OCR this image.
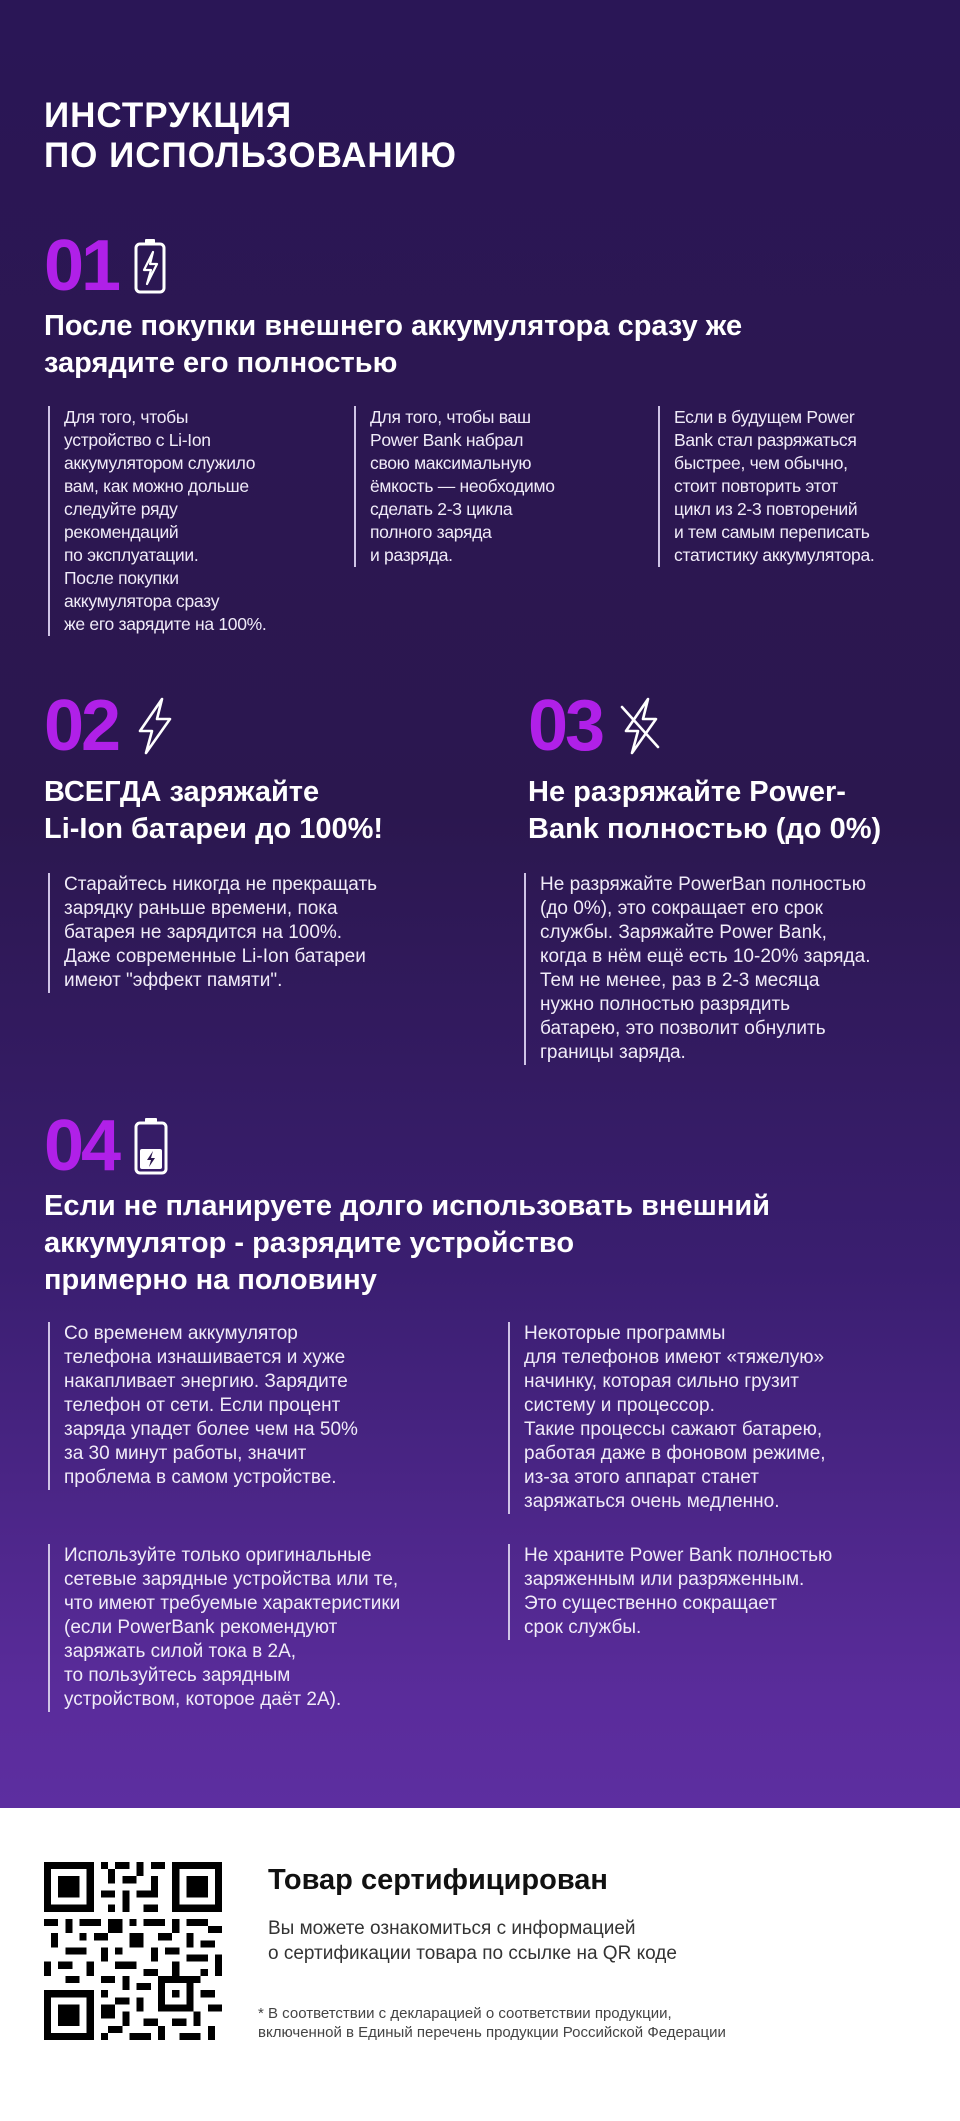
ИНСТРУКЦИЯ
ПО ИСПОЛЬЗОВАНИЮ
01
После покупки внешнего аккумулятора сразу же
зарядите его полностью
Для того, чтобы
устройство с Li-Ion
аккумулятором служило
вам, как можно дольше
следуйте ряду
рекомендаций
по эксплуатации.
После покупки
аккумулятора сразу
же его зарядите на 100%.
Для того, чтобы ваш
Power Bank набрал
свою максимальную
ёмкость — необходимо
сделать 2-3 цикла
полного заряда
и разряда.
Если в будущем Power
Bank стал разряжаться
быстрее, чем обычно,
стоит повторить этот
цикл из 2-3 повторений
и тем самым переписать
статистику аккумулятора.
02
ВСЕГДА заряжайте
Li-Ion батареи до 100%!
Старайтесь никогда не прекращать
зарядку раньше времени, пока
батарея не зарядится на 100%.
Даже современные Li-Ion батареи
имеют "эффект памяти".
03
Не разряжайте Power-
Bank полностью (до 0%)
Не разряжайте PowerBan полностью
(до 0%), это сокращает его срок
службы. Заряжайте Power Bank,
когда в нём ещё есть 10-20% заряда.
Тем не менее, раз в 2-3 месяца
нужно полностью разрядить
батарею, это позволит обнулить
границы заряда.
04
Если не планируете долго использовать внешний
аккумулятор - разрядите устройство
примерно на половину
Со временем аккумулятор
телефона изнашивается и хуже
накапливает энергию. Зарядите
телефон от сети. Если процент
заряда упадет более чем на 50%
за 30 минут работы, значит
проблема в самом устройстве.
Некоторые программы
для телефонов имеют «тяжелую»
начинку, которая сильно грузит
систему и процессор.
Такие процессы сажают батарею,
работая даже в фоновом режиме,
из-за этого аппарат станет
заряжаться очень медленно.
Используйте только оригинальные
сетевые зарядные устройства или те,
что имеют требуемые характеристики
(если PowerBank рекомендуют
заряжать силой тока в 2А,
то пользуйтесь зарядным
устройством, которое даёт 2А).
Не храните Power Bank полностью
заряженным или разряженным.
Это существенно сокращает
срок службы.
Товар сертифицирован
Вы можете ознакомиться с информацией
о сертификации товара по ссылке на QR коде
* В соответствии с декларацией о соответствии продукции,
включенной в Единый перечень продукции Российской Федерации
